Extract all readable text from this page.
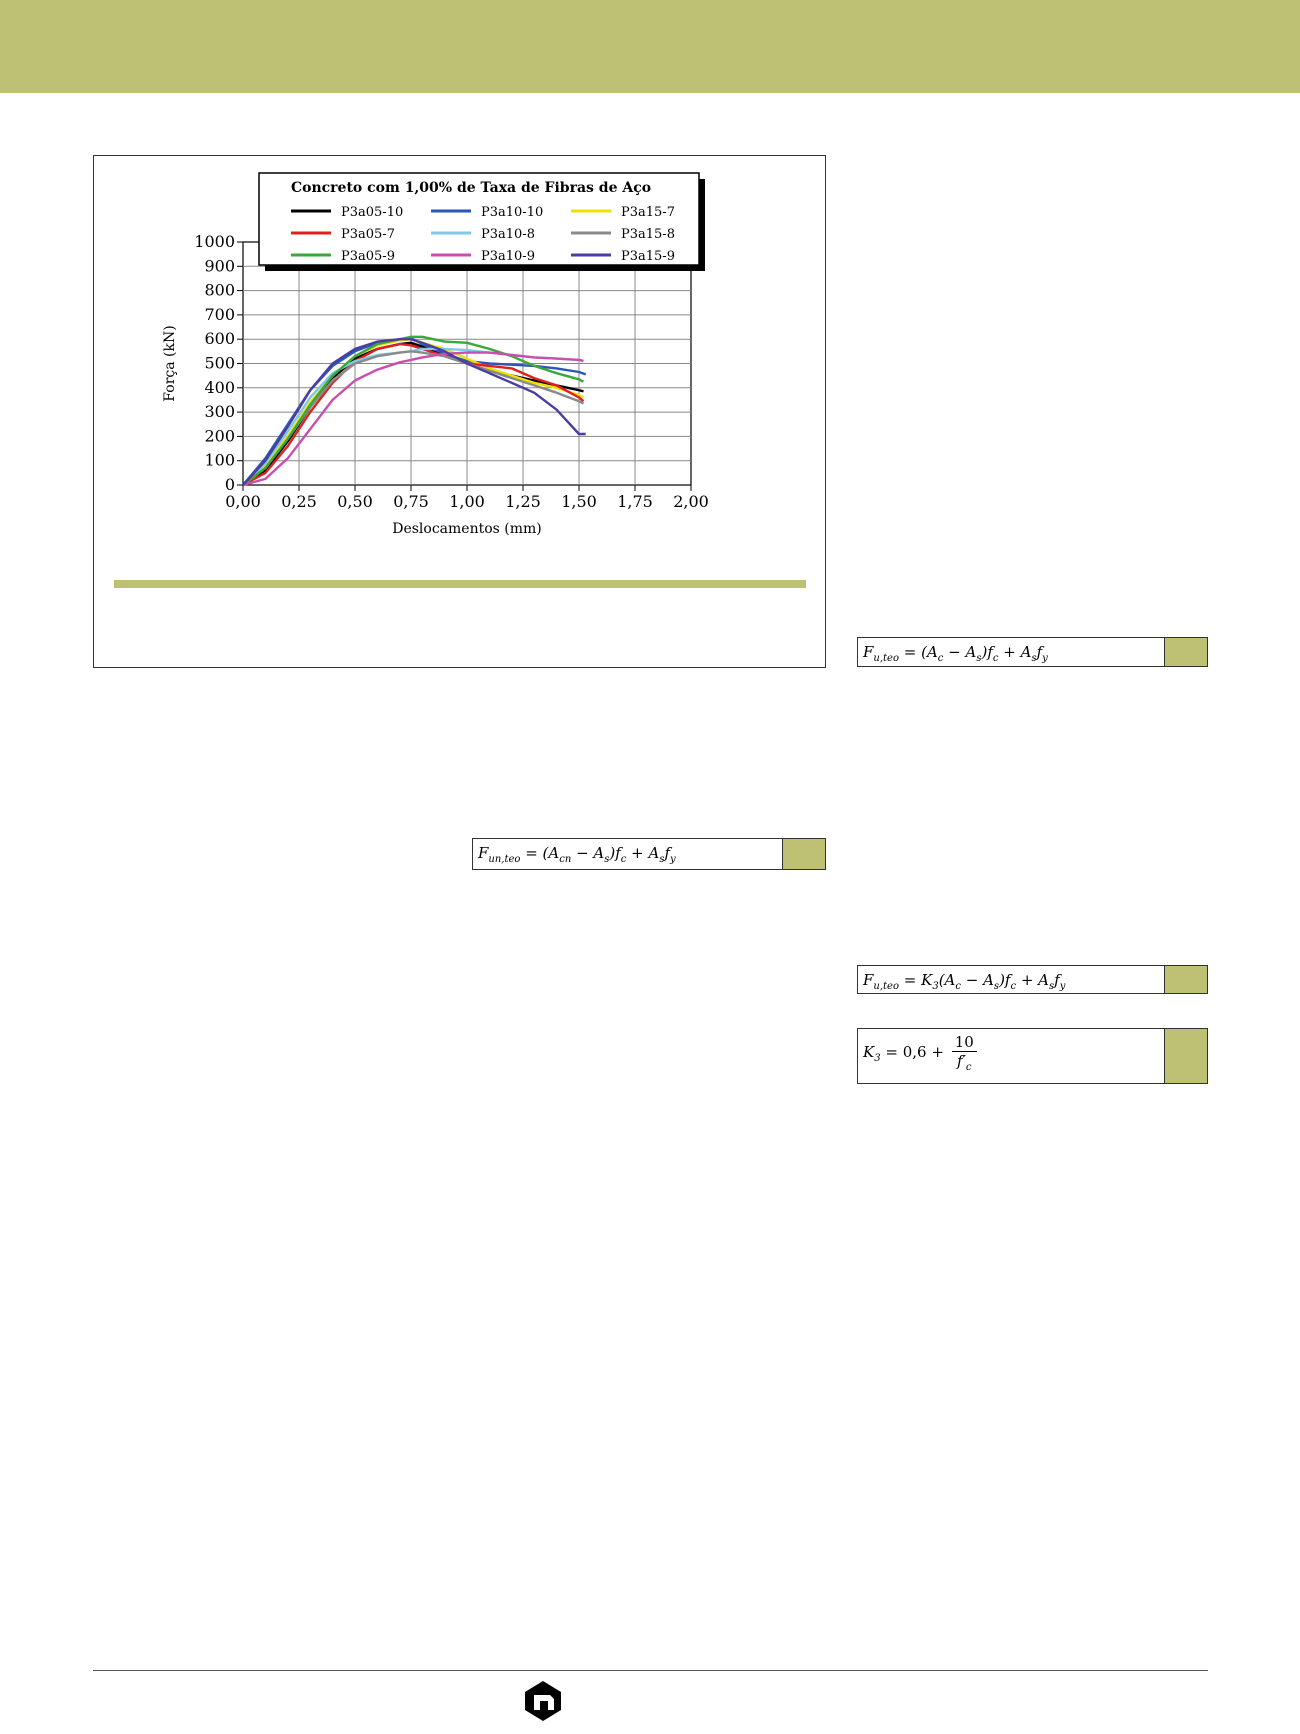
0
100
200
300
400
500
600
700
800
900
1000
0,00 0,25 0,50 0,75 1,00 1,25 1,50 1,75 2,00
Deslocamentos (mm)
Força (kN)
Concreto com 1,00% de Taxa de Fibras de Aço
P3a05-10	P3a10-10	P3a15-7
P3a05-7	P3a10-8	P3a15-8
P3a05-9	P3a10-9	P3a15-9
$F_{un,teo} = (A_{cn} - A_s)f_c + A_sf_y$
$F_{u,teo} = (A_c - A_s)f_c + A_sf_y$
$F_{u,teo} = K_3(A_c - A_s)f_c + A_sf_y$
$K_3 = 0,6 + \frac{10}{f'_c}$
